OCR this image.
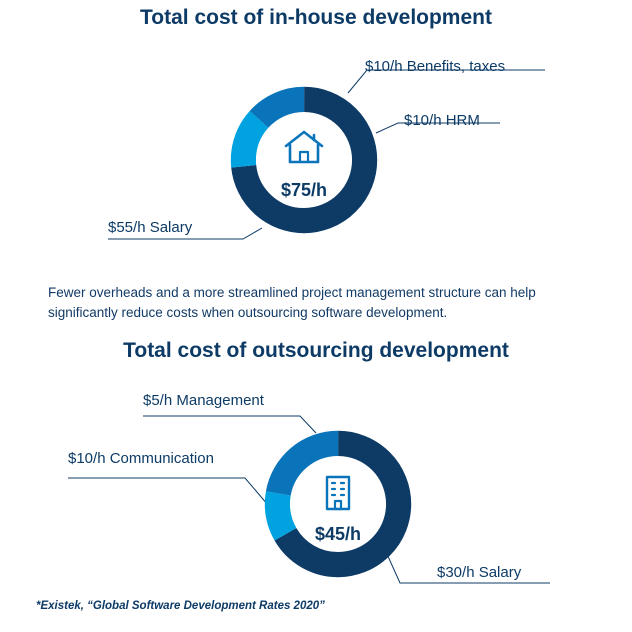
Total cost of in-house development
$75/h
$10/h Benefits, taxes
$10/h HRM
$55/h Salary
Fewer overheads and a more streamlined project management structure can help significantly reduce costs when outsourcing software development.
Total cost of outsourcing development
$45/h
$5/h Management
$10/h Communication
$30/h Salary
*Existek, “Global Software Development Rates 2020”
